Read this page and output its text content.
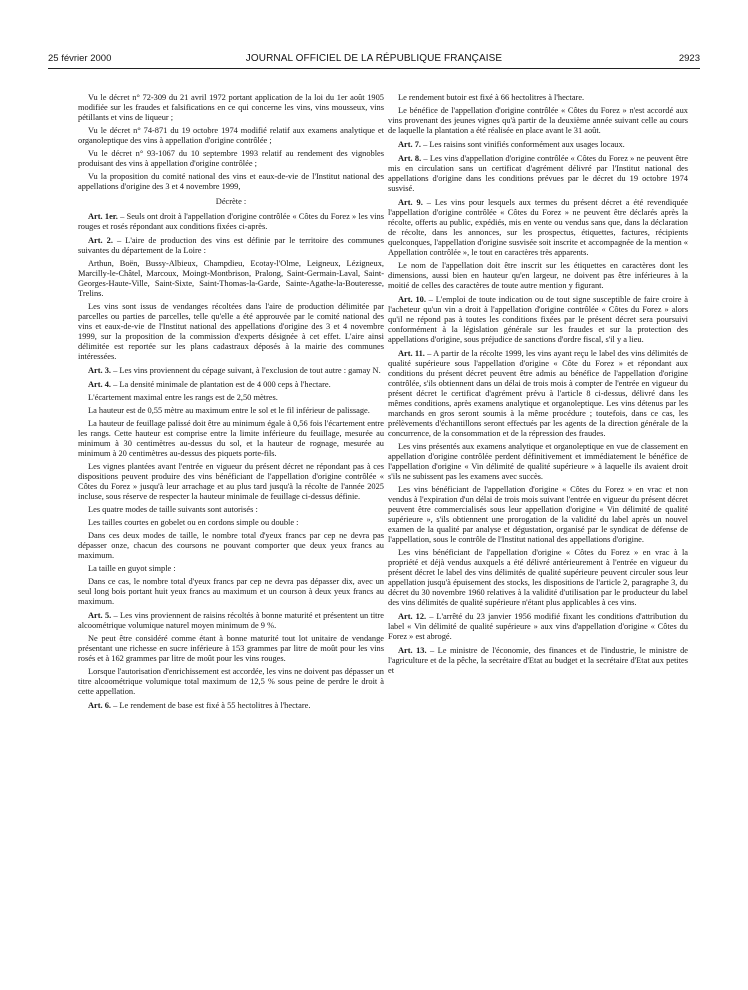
25 février 2000	JOURNAL OFFICIEL DE LA RÉPUBLIQUE FRANÇAISE	2923

Vu le décret n° 72-309 du 21 avril 1972 portant application de la loi du 1er août 1905 modifiée sur les fraudes et falsifications en ce qui concerne les vins, vins mousseux, vins pétillants et vins de liqueur ;

Vu le décret n° 74-871 du 19 octobre 1974 modifié relatif aux examens analytique et organoleptique des vins à appellation d'origine contrôlée ;

Vu le décret n° 93-1067 du 10 septembre 1993 relatif au rendement des vignobles produisant des vins à appellation d'origine contrôlée ;

Vu la proposition du comité national des vins et eaux-de-vie de l'Institut national des appellations d'origine des 3 et 4 novembre 1999,

Décrète :

Art. 1er. – Seuls ont droit à l'appellation d'origine contrôlée « Côtes du Forez » les vins rouges et rosés répondant aux conditions fixées ci-après.

Art. 2. – L'aire de production des vins est définie par le territoire des communes suivantes du département de la Loire :

Arthun, Boën, Bussy-Albieux, Champdieu, Ecotay-l'Olme, Leigneux, Lézigneux, Marcilly-le-Châtel, Marcoux, Moingt-Montbrison, Pralong, Saint-Germain-Laval, Saint-Georges-Haute-Ville, Saint-Sixte, Saint-Thomas-la-Garde, Sainte-Agathe-la-Bouteresse, Trelins.

Les vins sont issus de vendanges récoltées dans l'aire de production délimitée par parcelles ou parties de parcelles, telle qu'elle a été approuvée par le comité national des vins et eaux-de-vie de l'Institut national des appellations d'origine des 3 et 4 novembre 1999, sur la proposition de la commission d'experts désignée à cet effet. L'aire ainsi délimitée est reportée sur les plans cadastraux déposés à la mairie des communes intéressées.

Art. 3. – Les vins proviennent du cépage suivant, à l'exclusion de tout autre : gamay N.

Art. 4. – La densité minimale de plantation est de 4 000 ceps à l'hectare.

L'écartement maximal entre les rangs est de 2,50 mètres.

La hauteur est de 0,55 mètre au maximum entre le sol et le fil inférieur de palissage.

La hauteur de feuillage palissé doit être au minimum égale à 0,56 fois l'écartement entre les rangs. Cette hauteur est comprise entre la limite inférieure du feuillage, mesurée au minimum à 30 centimètres au-dessus du sol, et la hauteur de rognage, mesurée au minimum à 20 centimètres au-dessus des piquets porte-fils.

Les vignes plantées avant l'entrée en vigueur du présent décret ne répondant pas à ces dispositions peuvent produire des vins bénéficiant de l'appellation d'origine contrôlée « Côtes du Forez » jusqu'à leur arrachage et au plus tard jusqu'à la récolte de l'année 2025 incluse, sous réserve de respecter la hauteur minimale de feuillage ci-dessus définie.

Les quatre modes de taille suivants sont autorisés :

Les tailles courtes en gobelet ou en cordons simple ou double :

Dans ces deux modes de taille, le nombre total d'yeux francs par cep ne devra pas dépasser onze, chacun des coursons ne pouvant comporter que deux yeux francs au maximum.

La taille en guyot simple :

Dans ce cas, le nombre total d'yeux francs par cep ne devra pas dépasser dix, avec un seul long bois portant huit yeux francs au maximum et un courson à deux yeux francs au maximum.

Art. 5. – Les vins proviennent de raisins récoltés à bonne maturité et présentent un titre alcoométrique volumique naturel moyen minimum de 9 %.

Ne peut être considéré comme étant à bonne maturité tout lot unitaire de vendange présentant une richesse en sucre inférieure à 153 grammes par litre de moût pour les vins rosés et à 162 grammes par litre de moût pour les vins rouges.

Lorsque l'autorisation d'enrichissement est accordée, les vins ne doivent pas dépasser un titre alcoométrique volumique total maximum de 12,5 % sous peine de perdre le droit à cette appellation.

Art. 6. – Le rendement de base est fixé à 55 hectolitres à l'hectare.

Le rendement butoir est fixé à 66 hectolitres à l'hectare.

Le bénéfice de l'appellation d'origine contrôlée « Côtes du Forez » n'est accordé aux vins provenant des jeunes vignes qu'à partir de la deuxième année suivant celle au cours de laquelle la plantation a été réalisée en place avant le 31 août.

Art. 7. – Les raisins sont vinifiés conformément aux usages locaux.

Art. 8. – Les vins d'appellation d'origine contrôlée « Côtes du Forez » ne peuvent être mis en circulation sans un certificat d'agrément délivré par l'Institut national des appellations d'origine dans les conditions prévues par le décret du 19 octobre 1974 susvisé.

Art. 9. – Les vins pour lesquels aux termes du présent décret a été revendiquée l'appellation d'origine contrôlée « Côtes du Forez » ne peuvent être déclarés après la récolte, offerts au public, expédiés, mis en vente ou vendus sans que, dans la déclaration de récolte, dans les annonces, sur les prospectus, étiquettes, factures, récipients quelconques, l'appellation d'origine susvisée soit inscrite et accompagnée de la mention « Appellation contrôlée », le tout en caractères très apparents.

Le nom de l'appellation doit être inscrit sur les étiquettes en caractères dont les dimensions, aussi bien en hauteur qu'en largeur, ne doivent pas être inférieures à la moitié de celles des caractères de toute autre mention y figurant.

Art. 10. – L'emploi de toute indication ou de tout signe susceptible de faire croire à l'acheteur qu'un vin a droit à l'appellation d'origine contrôlée « Côtes du Forez » alors qu'il ne répond pas à toutes les conditions fixées par le présent décret sera poursuivi conformément à la législation générale sur les fraudes et sur la protection des appellations d'origine, sous préjudice de sanctions d'ordre fiscal, s'il y a lieu.

Art. 11. – A partir de la récolte 1999, les vins ayant reçu le label des vins délimités de qualité supérieure sous l'appellation d'origine « Côte du Forez » et répondant aux conditions du présent décret peuvent être admis au bénéfice de l'appellation d'origine contrôlée, s'ils obtiennent dans un délai de trois mois à compter de l'entrée en vigueur du présent décret le certificat d'agrément prévu à l'article 8 ci-dessus, délivré dans les mêmes conditions, après examens analytique et organoleptique. Les vins détenus par les marchands en gros seront soumis à la même procédure ; toutefois, dans ce cas, les prélèvements d'échantillons seront effectués par les agents de la direction générale de la concurrence, de la consommation et de la répression des fraudes.

Les vins présentés aux examens analytique et organoleptique en vue de classement en appellation d'origine contrôlée perdent définitivement et immédiatement le bénéfice de l'appellation d'origine « Vin délimité de qualité supérieure » à laquelle ils avaient droit s'ils ne subissent pas les examens avec succès.

Les vins bénéficiant de l'appellation d'origine « Côtes du Forez » en vrac et non vendus à l'expiration d'un délai de trois mois suivant l'entrée en vigueur du présent décret peuvent être commercialisés sous leur appellation d'origine « Vin délimité de qualité supérieure », s'ils obtiennent une prorogation de la validité du label après un nouvel examen de la qualité par analyse et dégustation, organisé par le syndicat de défense de l'appellation, sous le contrôle de l'Institut national des appellations d'origine.

Les vins bénéficiant de l'appellation d'origine « Côtes du Forez » en vrac à la propriété et déjà vendus auxquels a été délivré antérieurement à l'entrée en vigueur du présent décret le label des vins délimités de qualité supérieure peuvent circuler sous leur appellation jusqu'à épuisement des stocks, les dispositions de l'article 2, paragraphe 3, du décret du 30 novembre 1960 relatives à la validité d'utilisation par le producteur du label des vins délimités de qualité supérieure n'étant plus applicables à ces vins.

Art. 12. – L'arrêté du 23 janvier 1956 modifié fixant les conditions d'attribution du label « Vin délimité de qualité supérieure » aux vins d'appellation d'origine « Côtes du Forez » est abrogé.

Art. 13. – Le ministre de l'économie, des finances et de l'industrie, le ministre de l'agriculture et de la pêche, la secrétaire d'Etat au budget et la secrétaire d'Etat aux petites et
